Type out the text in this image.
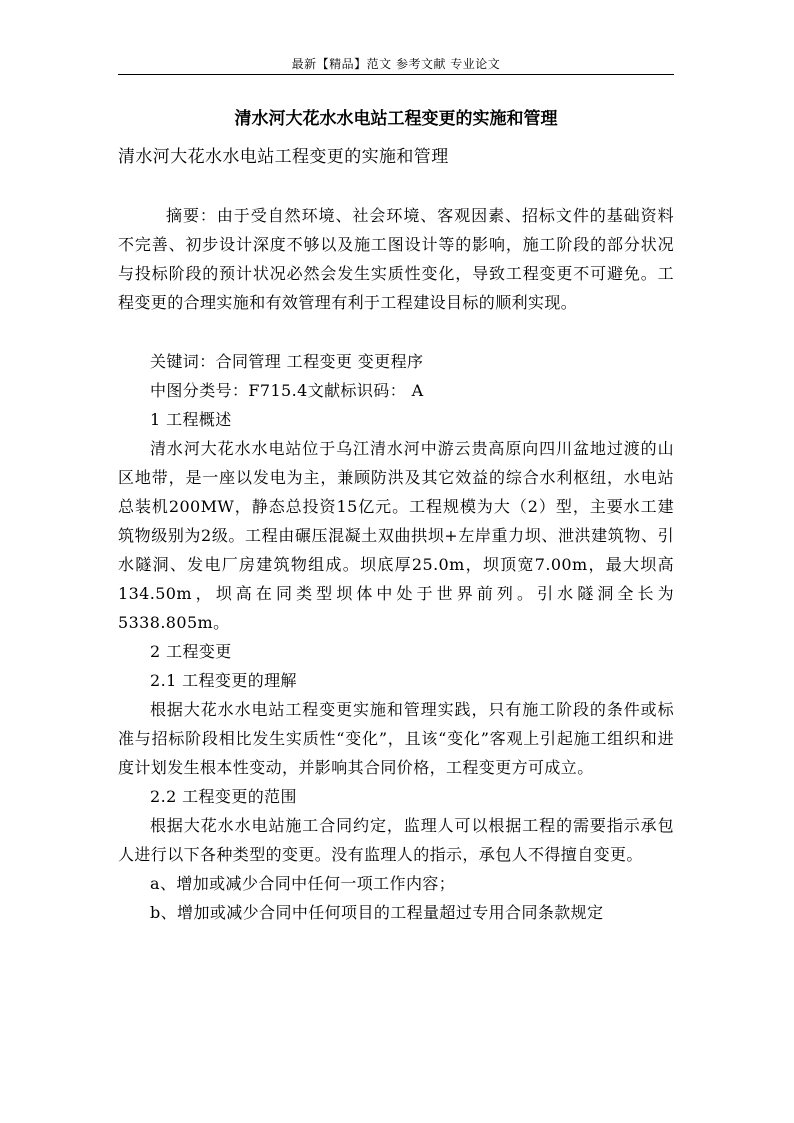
最新【精品】范文 参考文献 专业论文
清水河大花水水电站工程变更的实施和管理

清水河大花水水电站工程变更的实施和管理

摘要：由于受自然环境、社会环境、客观因素、招标文件的基础资料不完善、初步设计深度不够以及施工图设计等的影响，施工阶段的部分状况与投标阶段的预计状况必然会发生实质性变化，导致工程变更不可避免。工程变更的合理实施和有效管理有利于工程建设目标的顺利实现。

关键词：合同管理 工程变更 变更程序

中图分类号：F715.4文献标识码： A

1 工程概述

清水河大花水水电站位于乌江清水河中游云贵高原向四川盆地过渡的山区地带，是一座以发电为主，兼顾防洪及其它效益的综合水利枢纽，水电站总装机200MW，静态总投资15亿元。工程规模为大（2）型，主要水工建筑物级别为2级。工程由碾压混凝土双曲拱坝+左岸重力坝、泄洪建筑物、引水隧洞、发电厂房建筑物组成。坝底厚25.0m，坝顶宽7.00m，最大坝高134.50m，坝高在同类型坝体中处于世界前列。引水隧洞全长为5338.805m。

2 工程变更

2.1 工程变更的理解

根据大花水水电站工程变更实施和管理实践，只有施工阶段的条件或标准与招标阶段相比发生实质性“变化”，且该“变化”客观上引起施工组织和进度计划发生根本性变动，并影响其合同价格，工程变更方可成立。

2.2 工程变更的范围

根据大花水水电站施工合同约定，监理人可以根据工程的需要指示承包人进行以下各种类型的变更。没有监理人的指示，承包人不得擅自变更。

a、增加或减少合同中任何一项工作内容；

b、增加或减少合同中任何项目的工程量超过专用合同条款规定
